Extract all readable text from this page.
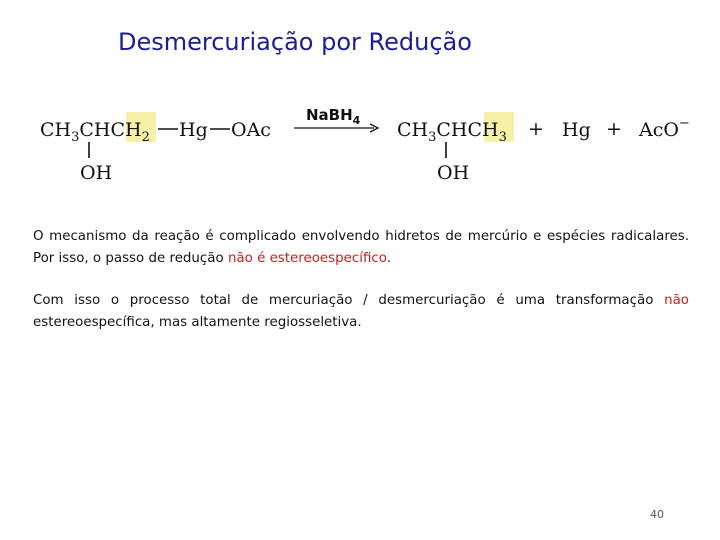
Desmercuriação por Redução
$CH_3CHCH_2$ Hg OAc
OH
NaBH$_4$ $CH_3CHCH_3$
OH
+ Hg + AcO−
O mecanismo da reação é complicado envolvendo hidretos de mercúrio e espécies radicalares. Por isso, o passo de redução não é estereoespecífico.
Com isso o processo total de mercuriação / desmercuriação é uma transformação não estereoespecífica, mas altamente regiosseletiva.
40
